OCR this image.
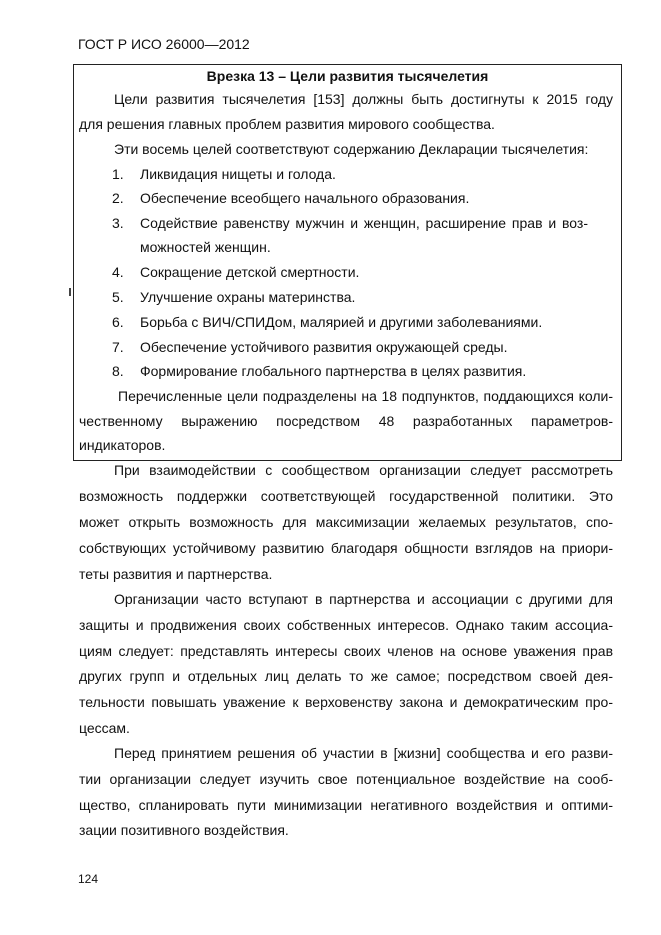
ГОСТ Р ИСО 26000—2012
Врезка 13 – Цели развития тысячелетия
Цели развития тысячелетия [153] должны быть достигнуты к 2015 году
для решения главных проблем развития мирового сообщества.
Эти восемь целей соответствуют содержанию Декларации тысячелетия:
1. Ликвидация нищеты и голода.
2. Обеспечение всеобщего начального образования.
3. Содействие равенству мужчин и женщин, расширение прав и воз-
можностей женщин.
4. Сокращение детской смертности.
5. Улучшение охраны материнства.
6. Борьба с ВИЧ/СПИДом, малярией и другими заболеваниями.
7. Обеспечение устойчивого развития окружающей среды.
8. Формирование глобального партнерства в целях развития.
Перечисленные цели подразделены на 18 подпунктов, поддающихся коли-
чественному выражению посредством 48 разработанных параметров-
индикаторов.
При взаимодействии с сообществом организации следует рассмотреть
возможность поддержки соответствующей государственной политики. Это
может открыть возможность для максимизации желаемых результатов, спо-
собствующих устойчивому развитию благодаря общности взглядов на приори-
теты развития и партнерства.
Организации часто вступают в партнерства и ассоциации с другими для
защиты и продвижения своих собственных интересов. Однако таким ассоциа-
циям следует: представлять интересы своих членов на основе уважения прав
других групп и отдельных лиц делать то же самое; посредством своей дея-
тельности повышать уважение к верховенству закона и демократическим про-
цессам.
Перед принятием решения об участии в [жизни] сообщества и его разви-
тии организации следует изучить свое потенциальное воздействие на сооб-
щество, спланировать пути минимизации негативного воздействия и оптими-
зации позитивного воздействия.
124
